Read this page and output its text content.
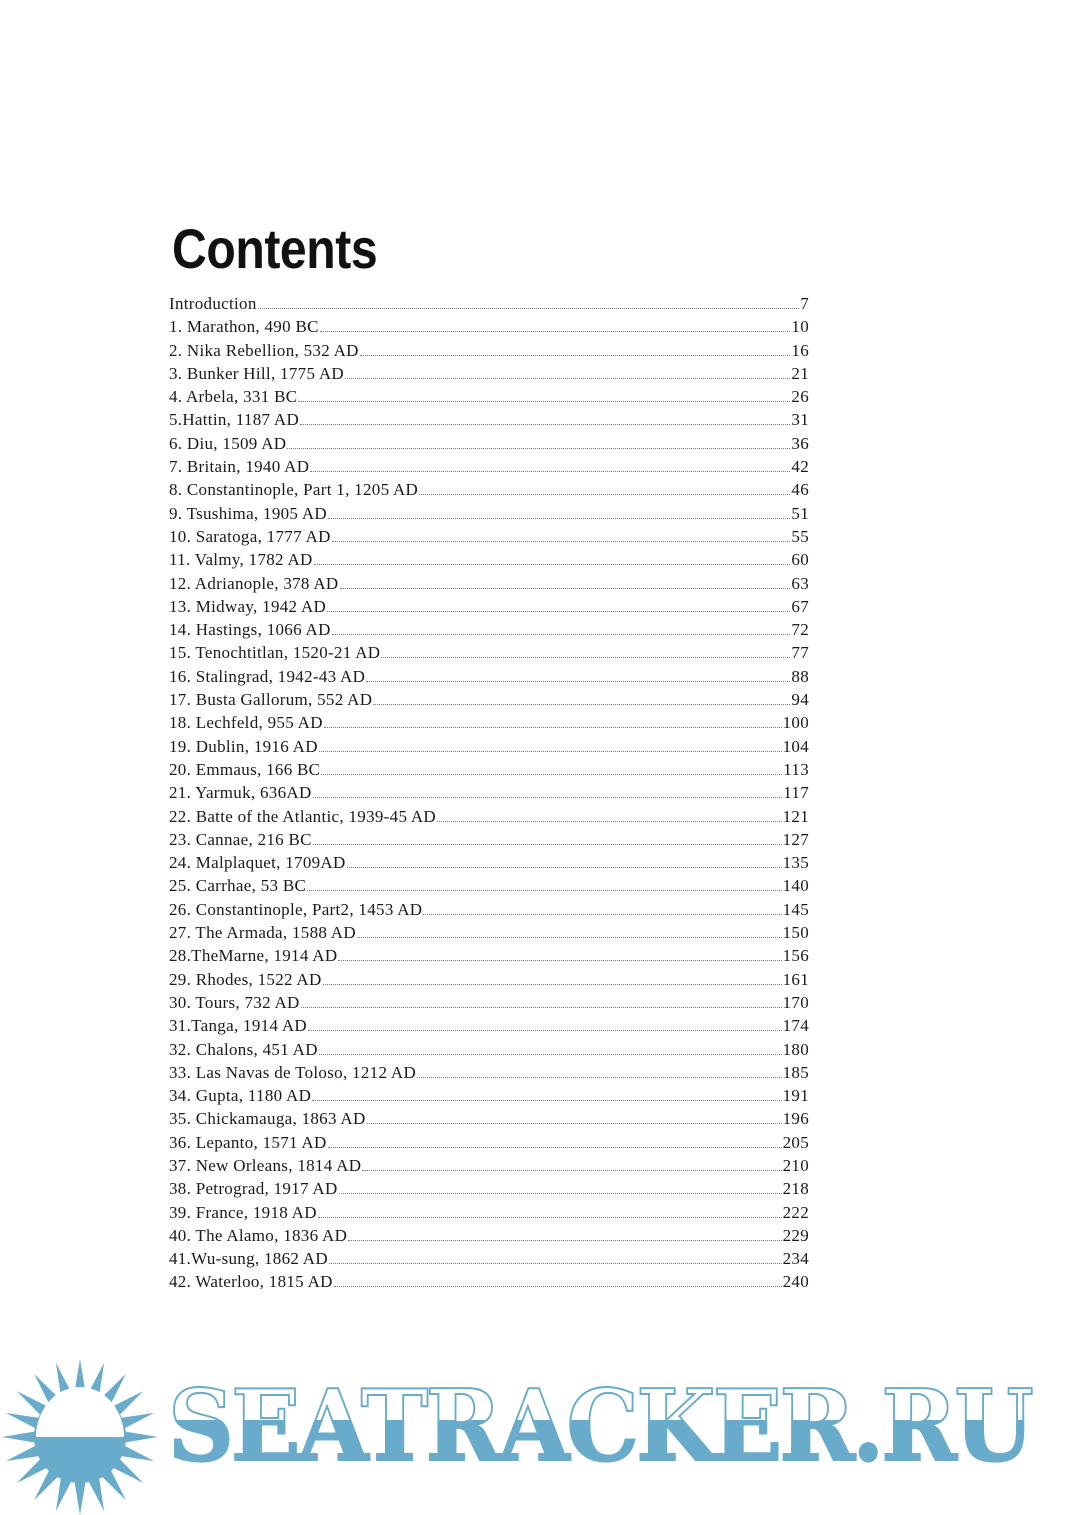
Contents
Introduction	7
1. Marathon, 490 BC	10
2. Nika Rebellion, 532 AD	16
3. Bunker Hill, 1775 AD	21
4. Arbela, 331 BC	26
5.Hattin, 1187 AD	31
6. Diu, 1509 AD	36
7. Britain, 1940 AD	42
8. Constantinople, Part 1, 1205 AD	46
9. Tsushima, 1905 AD	51
10. Saratoga, 1777 AD	55
11. Valmy, 1782 AD	60
12. Adrianople, 378 AD	63
13. Midway, 1942 AD	67
14. Hastings, 1066 AD	72
15. Tenochtitlan, 1520-21 AD	77
16. Stalingrad, 1942-43 AD	88
17. Busta Gallorum, 552 AD	94
18. Lechfeld, 955 AD	100
19. Dublin, 1916 AD	104
20. Emmaus, 166 BC	113
21. Yarmuk, 636AD	117
22. Batte of the Atlantic, 1939-45 AD	121
23. Cannae, 216 BC	127
24. Malplaquet, 1709AD	135
25. Carrhae, 53 BC	140
26. Constantinople, Part2, 1453 AD	145
27. The Armada, 1588 AD	150
28.TheMarne, 1914 AD	156
29. Rhodes, 1522 AD	161
30. Tours, 732 AD	170
31.Tanga, 1914 AD	174
32. Chalons, 451 AD	180
33. Las Navas de Toloso, 1212 AD	185
34. Gupta, 1180 AD	191
35. Chickamauga, 1863 AD	196
36. Lepanto, 1571 AD	205
37. New Orleans, 1814 AD	210
38. Petrograd, 1917 AD	218
39. France, 1918 AD	222
40. The Alamo, 1836 AD	229
41.Wu-sung, 1862 AD	234
42. Waterloo, 1815 AD	240
SEATRACKER.RU
